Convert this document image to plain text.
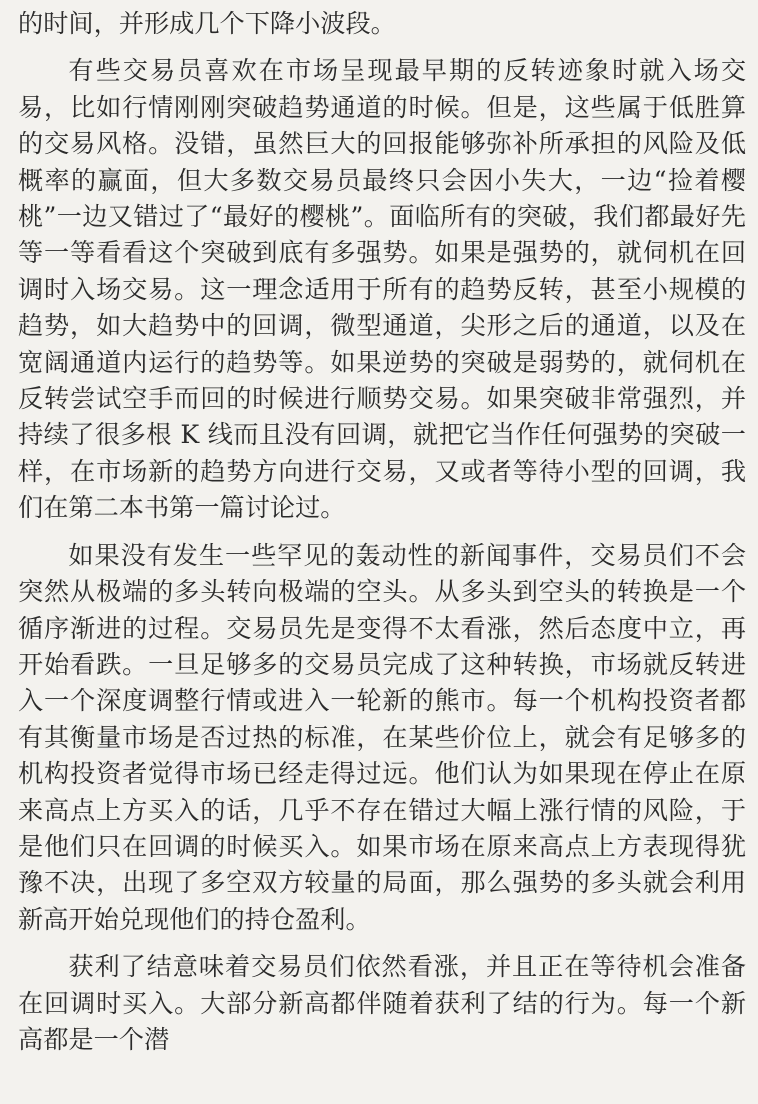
的时间，并形成几个下降小波段。

有些交易员喜欢在市场呈现最早期的反转迹象时就入场交易，比如行情刚刚突破趋势通道的时候。但是，这些属于低胜算的交易风格。没错，虽然巨大的回报能够弥补所承担的风险及低概率的赢面，但大多数交易员最终只会因小失大，一边“捡着樱桃”一边又错过了“最好的樱桃”。面临所有的突破，我们都最好先等一等看看这个突破到底有多强势。如果是强势的，就伺机在回调时入场交易。这一理念适用于所有的趋势反转，甚至小规模的趋势，如大趋势中的回调，微型通道，尖形之后的通道，以及在宽阔通道内运行的趋势等。如果逆势的突破是弱势的，就伺机在反转尝试空手而回的时候进行顺势交易。如果突破非常强烈，并持续了很多根 K 线而且没有回调，就把它当作任何强势的突破一样，在市场新的趋势方向进行交易，又或者等待小型的回调，我们在第二本书第一篇讨论过。

如果没有发生一些罕见的轰动性的新闻事件，交易员们不会突然从极端的多头转向极端的空头。从多头到空头的转换是一个循序渐进的过程。交易员先是变得不太看涨，然后态度中立，再开始看跌。一旦足够多的交易员完成了这种转换，市场就反转进入一个深度调整行情或进入一轮新的熊市。每一个机构投资者都有其衡量市场是否过热的标准，在某些价位上，就会有足够多的机构投资者觉得市场已经走得过远。他们认为如果现在停止在原来高点上方买入的话，几乎不存在错过大幅上涨行情的风险，于是他们只在回调的时候买入。如果市场在原来高点上方表现得犹豫不决，出现了多空双方较量的局面，那么强势的多头就会利用新高开始兑现他们的持仓盈利。

获利了结意味着交易员们依然看涨，并且正在等待机会准备在回调时买入。大部分新高都伴随着获利了结的行为。每一个新高都是一个潜
